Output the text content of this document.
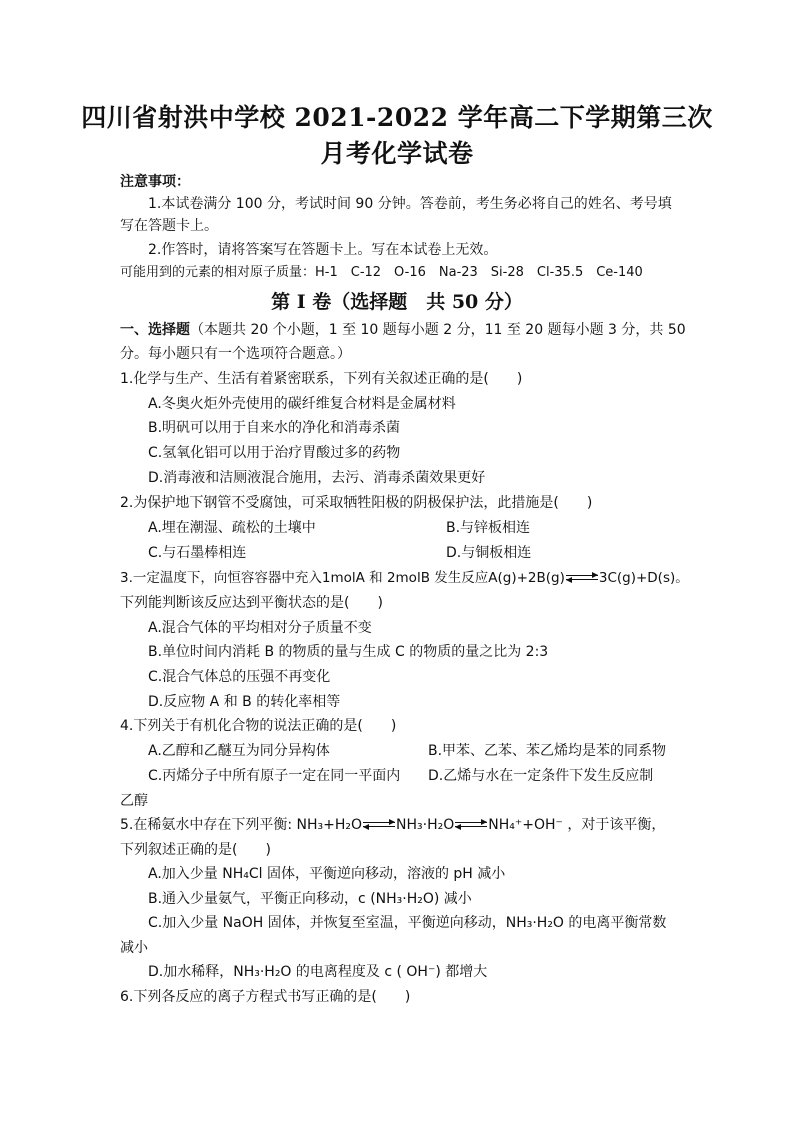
四川省射洪中学校 2021-2022 学年高二下学期第三次
月考化学试卷
注意事项：
1.本试卷满分 100 分，考试时间 90 分钟。答卷前，考生务必将自己的姓名、考号填
写在答题卡上。
2.作答时，请将答案写在答题卡上。写在本试卷上无效。
可能用到的元素的相对原子质量：H-1　C-12　O-16　Na-23　Si-28　Cl-35.5　Ce-140
第 I 卷（选择题　共 50 分）
一、选择题（本题共 20 个小题，1 至 10 题每小题 2 分，11 至 20 题每小题 3 分，共 50
分。每小题只有一个选项符合题意。）
1.化学与生产、生活有着紧密联系，下列有关叙述正确的是(　　)
A.冬奥火炬外壳使用的碳纤维复合材料是金属材料
B.明矾可以用于自来水的净化和消毒杀菌
C.氢氧化铝可以用于治疗胃酸过多的药物
D.消毒液和洁厕液混合施用，去污、消毒杀菌效果更好
2.为保护地下钢管不受腐蚀，可采取牺牲阳极的阴极保护法，此措施是(　　)
A.埋在潮湿、疏松的土壤中	B.与锌板相连
C.与石墨棒相连	D.与铜板相连
3.一定温度下，向恒容容器中充入1molA 和 2molB 发生反应A(g)+2B(g)	3C(g)+D(s)。
下列能判断该反应达到平衡状态的是(　　)
A.混合气体的平均相对分子质量不变
B.单位时间内消耗 B 的物质的量与生成 C 的物质的量之比为 2:3
C.混合气体总的压强不再变化
D.反应物 A 和 B 的转化率相等
4.下列关于有机化合物的说法正确的是(　　)
A.乙醇和乙醚互为同分异构体	B.甲苯、乙苯、苯乙烯均是苯的同系物
C.丙烯分子中所有原子一定在同一平面内 D.乙烯与水在一定条件下发生反应制
乙醇
5.在稀氨水中存在下列平衡: NH₃+H₂O NH₃·H₂O NH₄⁺+OH⁻ ，对于该平衡，
下列叙述正确的是(　　)
A.加入少量 NH₄Cl 固体，平衡逆向移动，溶液的 pH 减小
B.通入少量氨气，平衡正向移动，c (NH₃·H₂O) 减小
C.加入少量 NaOH 固体，并恢复至室温，平衡逆向移动，NH₃·H₂O 的电离平衡常数
减小
D.加水稀释，NH₃·H₂O 的电离程度及 c ( OH⁻) 都增大
6.下列各反应的离子方程式书写正确的是(　　)
